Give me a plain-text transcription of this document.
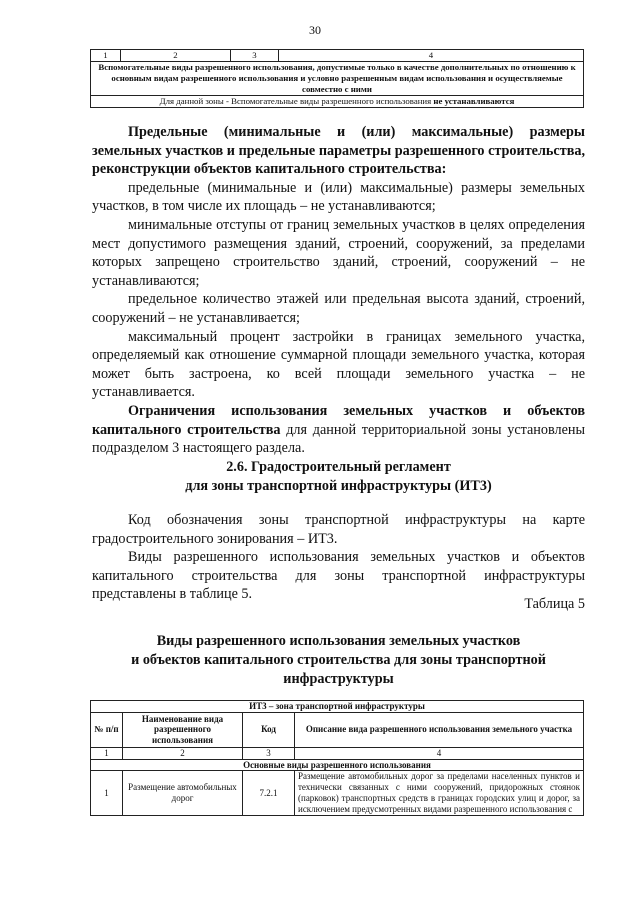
30
1	2	3	4
Вспомогательные виды разрешенного использования, допустимые только в качестве дополнительных по отношению к основным видам разрешенного использования и условно разрешенным видам использования и осуществляемые совместно с ними
Для данной зоны - Вспомогательные виды разрешенного использования не устанавливаются

Предельные (минимальные и (или) максимальные) размеры земельных участков и предельные параметры разрешенного строительства, реконструкции объектов капитального строительства:

предельные (минимальные и (или) максимальные) размеры земельных участков, в том числе их площадь – не устанавливаются;

минимальные отступы от границ земельных участков в целях определения мест допустимого размещения зданий, строений, сооружений, за пределами которых запрещено строительство зданий, строений, сооружений – не устанавливаются;

предельное количество этажей или предельная высота зданий, строений, сооружений – не устанавливается;

максимальный процент застройки в границах земельного участка, определяемый как отношение суммарной площади земельного участка, которая может быть застроена, ко всей площади земельного участка – не устанавливается.

Ограничения использования земельных участков и объектов капитального строительства для данной территориальной зоны установлены подразделом 3 настоящего раздела.

2.6. Градостроительный регламент
для зоны транспортной инфраструктуры (ИТ3)

Код обозначения зоны транспортной инфраструктуры на карте градостроительного зонирования – ИТ3.

Виды разрешенного использования земельных участков и объектов капитального строительства для зоны транспортной инфраструктуры представлены в таблице 5.

Таблица 5
Виды разрешенного использования земельных участков
и объектов капитального строительства для зоны транспортной
инфраструктуры
ИТ3 – зона транспортной инфраструктуры			
№ п/п	Наименование вида разрешенного использования	Код	Описание вида разрешенного использования земельного участка
1	2	3	4
Основные виды разрешенного использования			
1	Размещение автомобильных дорог	7.2.1	Размещение автомобильных дорог за пределами населенных пунктов и технически связанных с ними сооружений, придорожных стоянок (парковок) транспортных средств в границах городских улиц и дорог, за исключением предусмотренных видами разрешенного использования с
